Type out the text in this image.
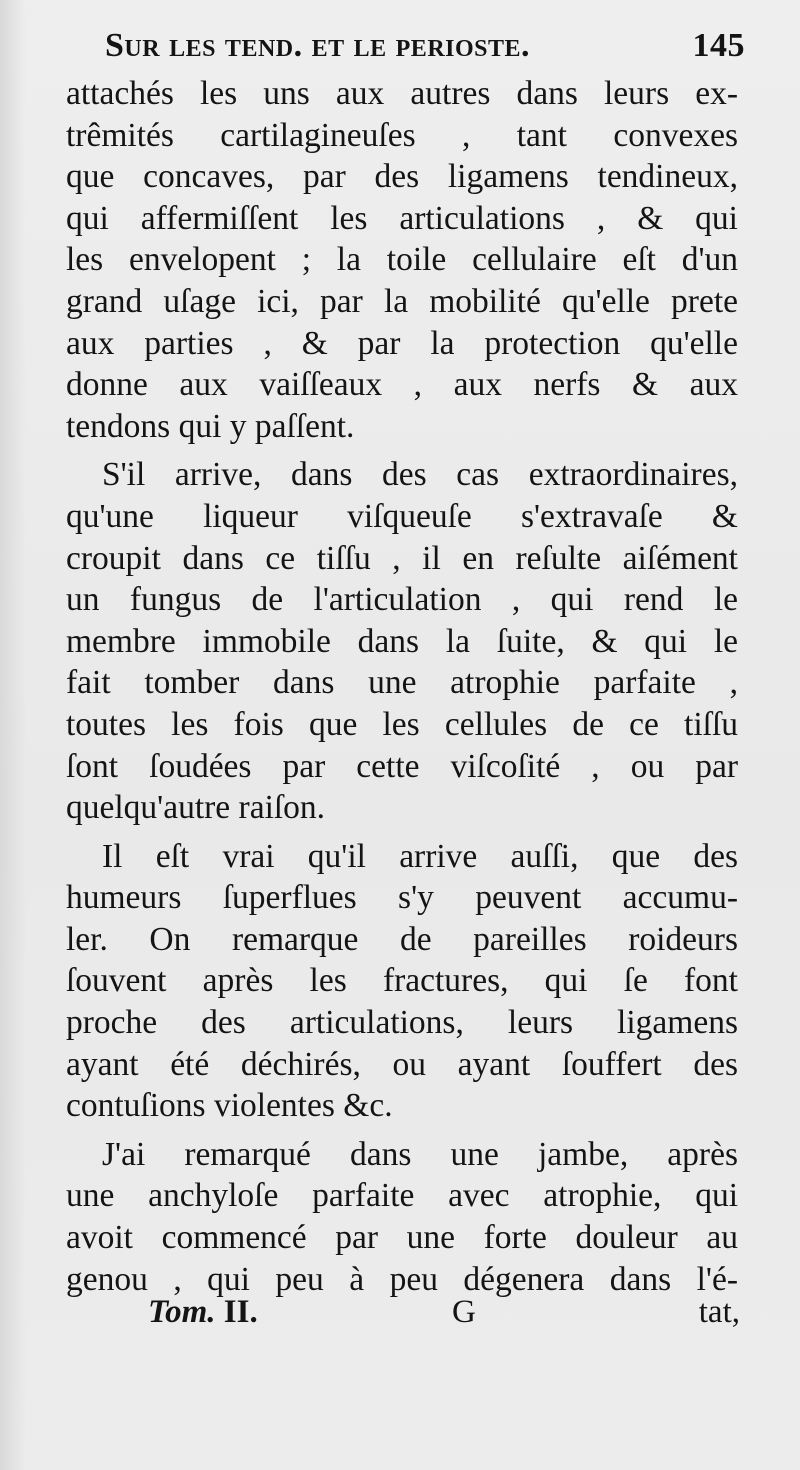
Sur les tend. et le perioste.	145
attachés les uns aux autres dans leurs ex-
trêmités cartilagineuſes , tant convexes
que concaves, par des ligamens tendineux,
qui affermiſſent les articulations , & qui
les envelopent ; la toile cellulaire eſt d'un
grand uſage ici, par la mobilité qu'elle prete
aux parties , & par la protection qu'elle
donne aux vaiſſeaux , aux nerfs & aux
tendons qui y paſſent.
S'il arrive, dans des cas extraordinaires,
qu'une liqueur viſqueuſe s'extravaſe &
croupit dans ce tiſſu , il en reſulte aiſément
un fungus de l'articulation , qui rend le
membre immobile dans la ſuite, & qui le
fait tomber dans une atrophie parfaite ,
toutes les fois que les cellules de ce tiſſu
ſont ſoudées par cette viſcoſité , ou par
quelqu'autre raiſon.
Il eſt vrai qu'il arrive auſſi, que des
humeurs ſuperflues s'y peuvent accumu-
ler. On remarque de pareilles roideurs
ſouvent après les fractures, qui ſe font
proche des articulations, leurs ligamens
ayant été déchirés, ou ayant ſouffert des
contuſions violentes &c.
J'ai remarqué dans une jambe, après
une anchyloſe parfaite avec atrophie, qui
avoit commencé par une forte douleur au
genou , qui peu à peu dégenera dans l'é-
Tom. II.	G	tat,
